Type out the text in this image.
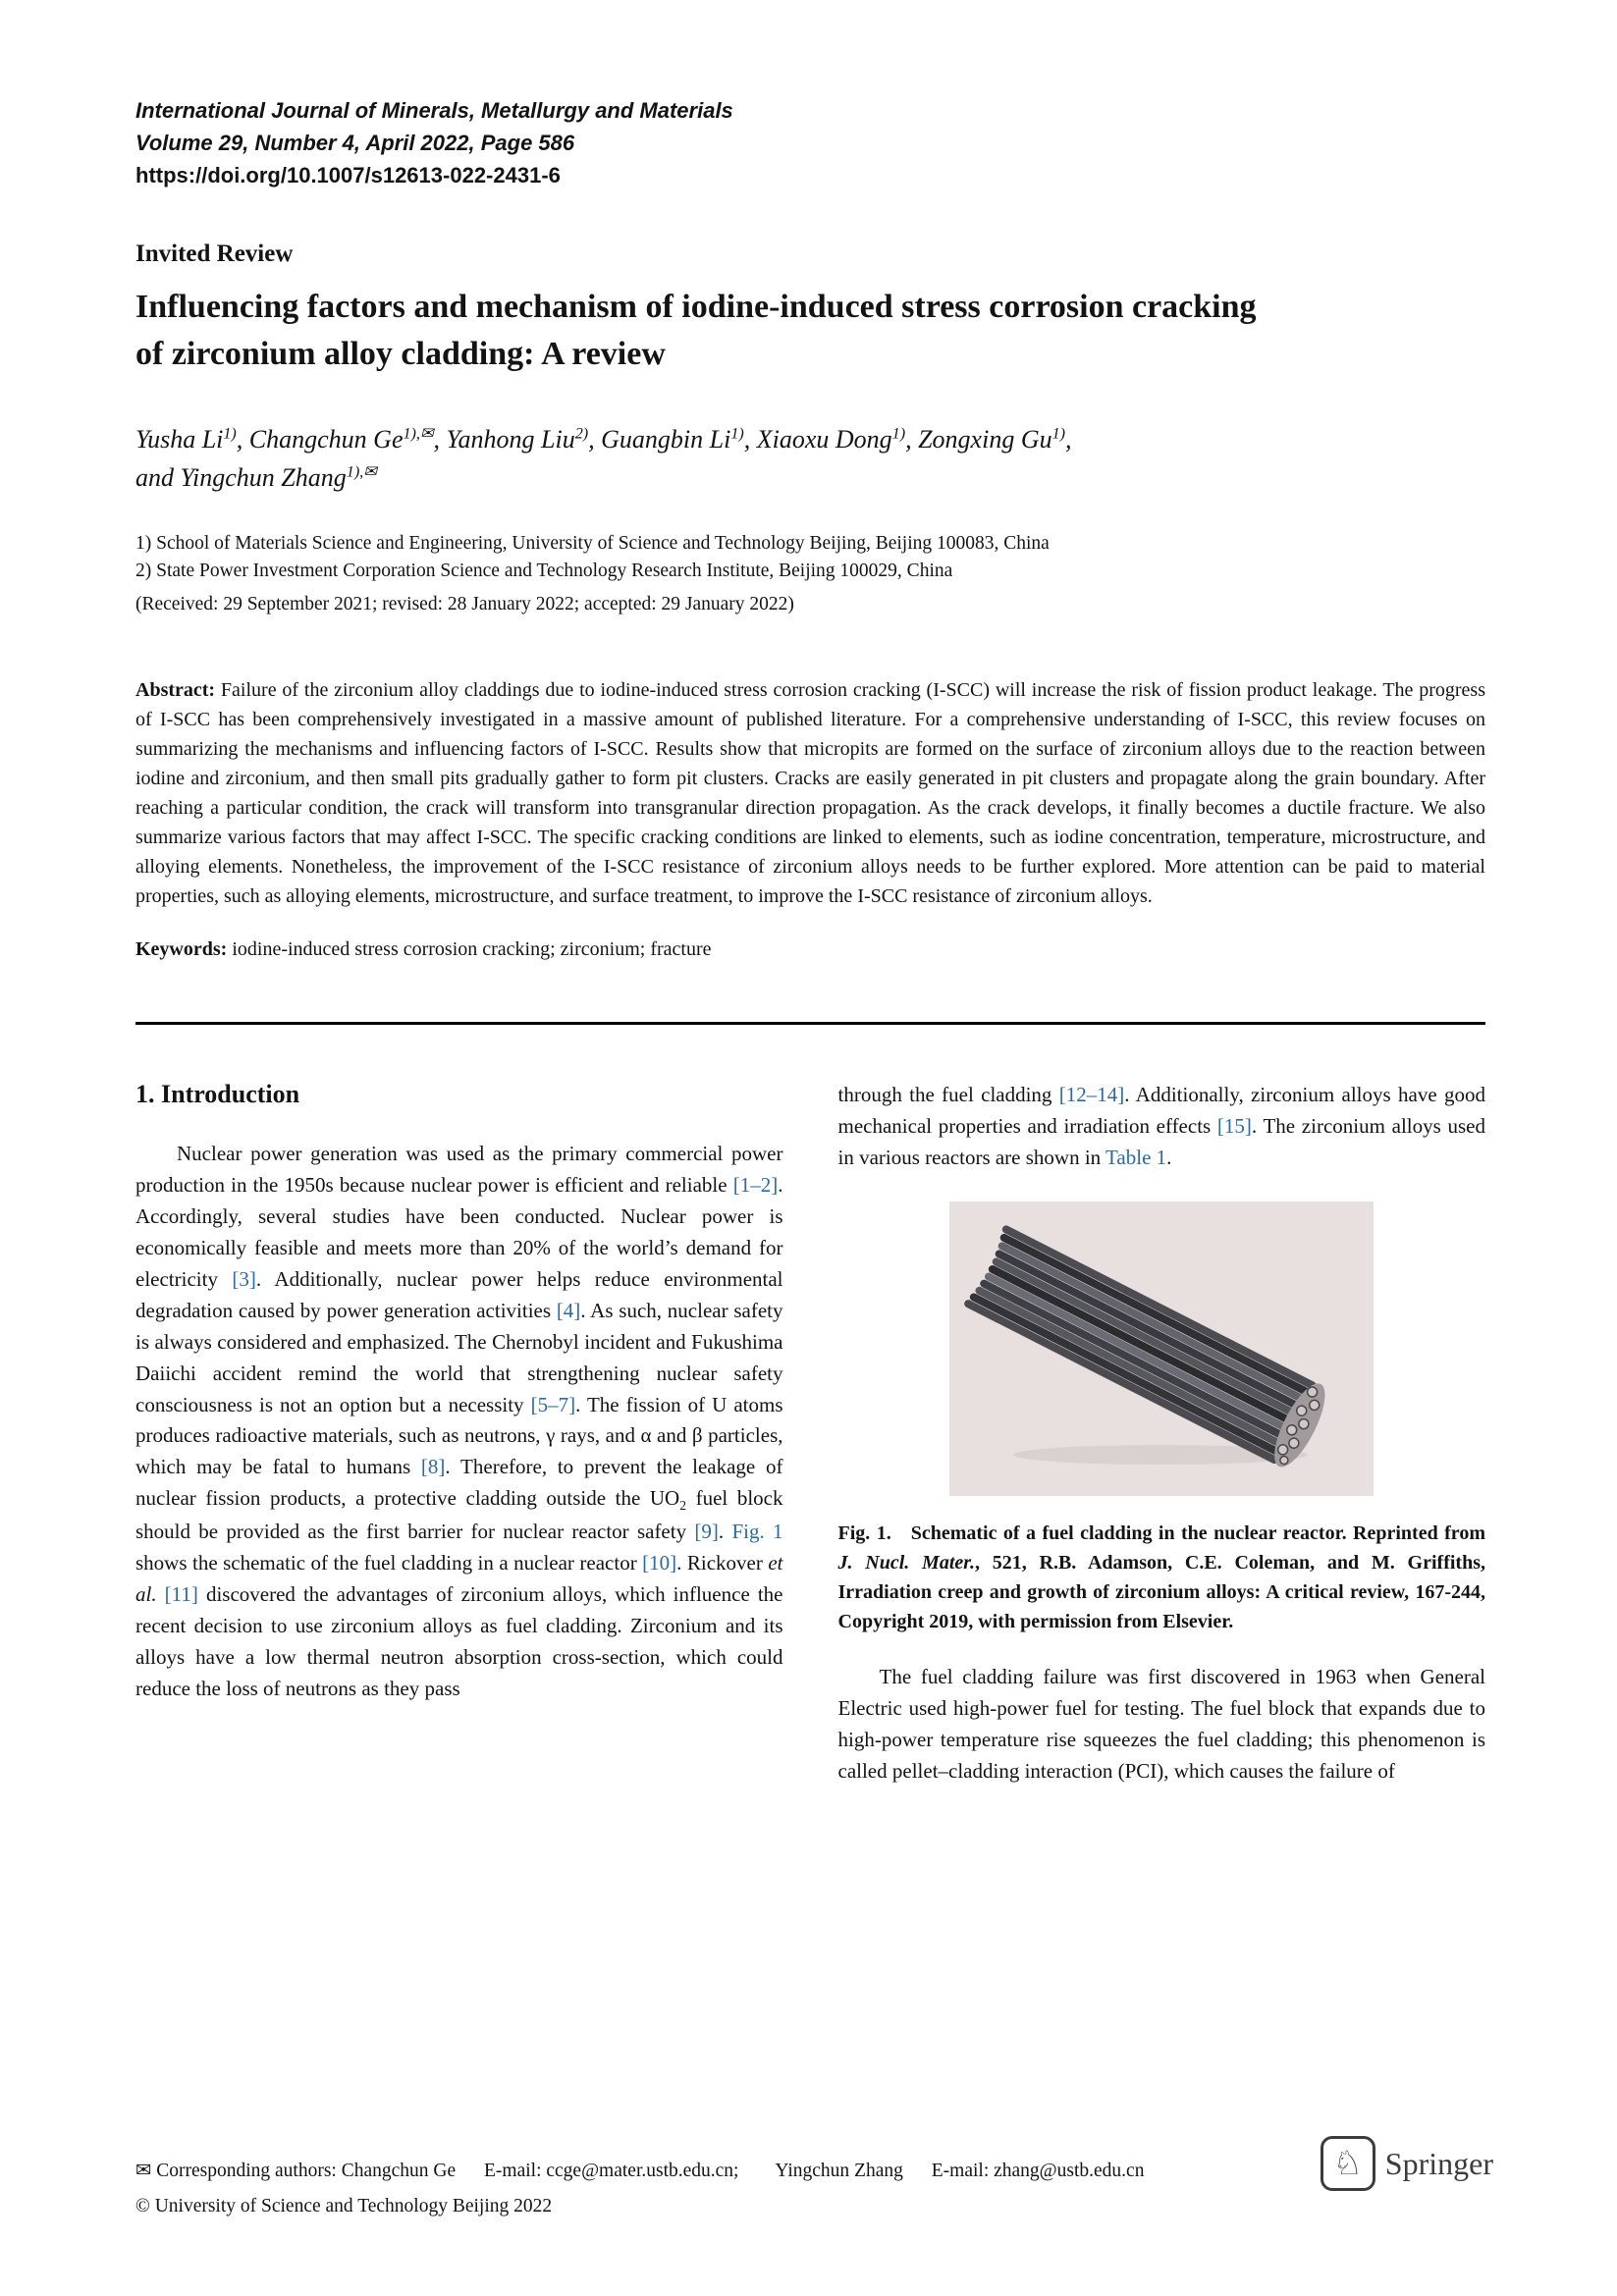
International Journal of Minerals, Metallurgy and Materials
Volume 29, Number 4, April 2022, Page 586
https://doi.org/10.1007/s12613-022-2431-6
Invited Review
Influencing factors and mechanism of iodine-induced stress corrosion cracking
of zirconium alloy cladding: A review
Yusha Li$^{1)}$, Changchun $Ge^{1),✉}$, Yanhong Liu$^{2)}$, Guangbin Li$^{1)}$, Xiaoxu Dong$^{1)}$, Zongxing Gu$^{1)}$,
and Yingchun Zhang$^{1),✉}$
1) School of Materials Science and Engineering, University of Science and Technology Beijing, Beijing 100083, China
2) State Power Investment Corporation Science and Technology Research Institute, Beijing 100029, China
(Received: 29 September 2021; revised: 28 January 2022; accepted: 29 January 2022)

Abstract: Failure of the zirconium alloy claddings due to iodine-induced stress corrosion cracking (I-SCC) will increase the risk of fission product leakage. The progress of I-SCC has been comprehensively investigated in a massive amount of published literature. For a comprehensive understanding of I-SCC, this review focuses on summarizing the mechanisms and influencing factors of I-SCC. Results show that micropits are formed on the surface of zirconium alloys due to the reaction between iodine and zirconium, and then small pits gradually gather to form pit clusters. Cracks are easily generated in pit clusters and propagate along the grain boundary. After reaching a particular condition, the crack will transform into transgranular direction propagation. As the crack develops, it finally becomes a ductile fracture. We also summarize various factors that may affect I-SCC. The specific cracking conditions are linked to elements, such as iodine concentration, temperature, microstructure, and alloying elements. Nonetheless, the improvement of the I-SCC resistance of zirconium alloys needs to be further explored. More attention can be paid to material properties, such as alloying elements, microstructure, and surface treatment, to improve the I-SCC resistance of zirconium alloys.

Keywords: iodine-induced stress corrosion cracking; zirconium; fracture

1. Introduction

Nuclear power generation was used as the primary commercial power production in the 1950s because nuclear power is efficient and reliable [1–2]. Accordingly, several studies have been conducted. Nuclear power is economically feasible and meets more than 20% of the world’s demand for electricity [3]. Additionally, nuclear power helps reduce environmental degradation caused by power generation activities [4]. As such, nuclear safety is always considered and emphasized. The Chernobyl incident and Fukushima Daiichi accident remind the world that strengthening nuclear safety consciousness is not an option but a necessity [5–7]. The fission of U atoms produces radioactive materials, such as neutrons, γ rays, and α and β particles, which may be fatal to humans [8]. Therefore, to prevent the leakage of nuclear fission products, a protective cladding outside the $UO_2$ fuel block should be provided as the first barrier for nuclear reactor safety [9]. Fig. 1 shows the schematic of the fuel cladding in a nuclear reactor [10]. Rickover et al. [11] discovered the advantages of zirconium alloys, which influence the recent decision to use zirconium alloys as fuel cladding. Zirconium and its alloys have a low thermal neutron absorption cross-section, which could reduce the loss of neutrons as they pass

through the fuel cladding [12–14]. Additionally, zirconium alloys have good mechanical properties and irradiation effects [15]. The zirconium alloys used in various reactors are shown in Table 1.

Fig. 1.  Schematic of a fuel cladding in the nuclear reactor. Reprinted from J. Nucl. Mater., 521, R.B. Adamson, C.E. Coleman, and M. Griffiths, Irradiation creep and growth of zirconium alloys: A critical review, 167-244, Copyright 2019, with permission from Elsevier.

The fuel cladding failure was first discovered in 1963 when General Electric used high-power fuel for testing. The fuel block that expands due to high-power temperature rise squeezes the fuel cladding; this phenomenon is called pellet–cladding interaction (PCI), which causes the failure of

✉ Corresponding authors: Changchun Ge E-mail: ccge@mater.ustb.edu.cn; Yingchun Zhang E-mail: zhang@ustb.edu.cn
© University of Science and Technology Beijing 2022
♘ Springer
